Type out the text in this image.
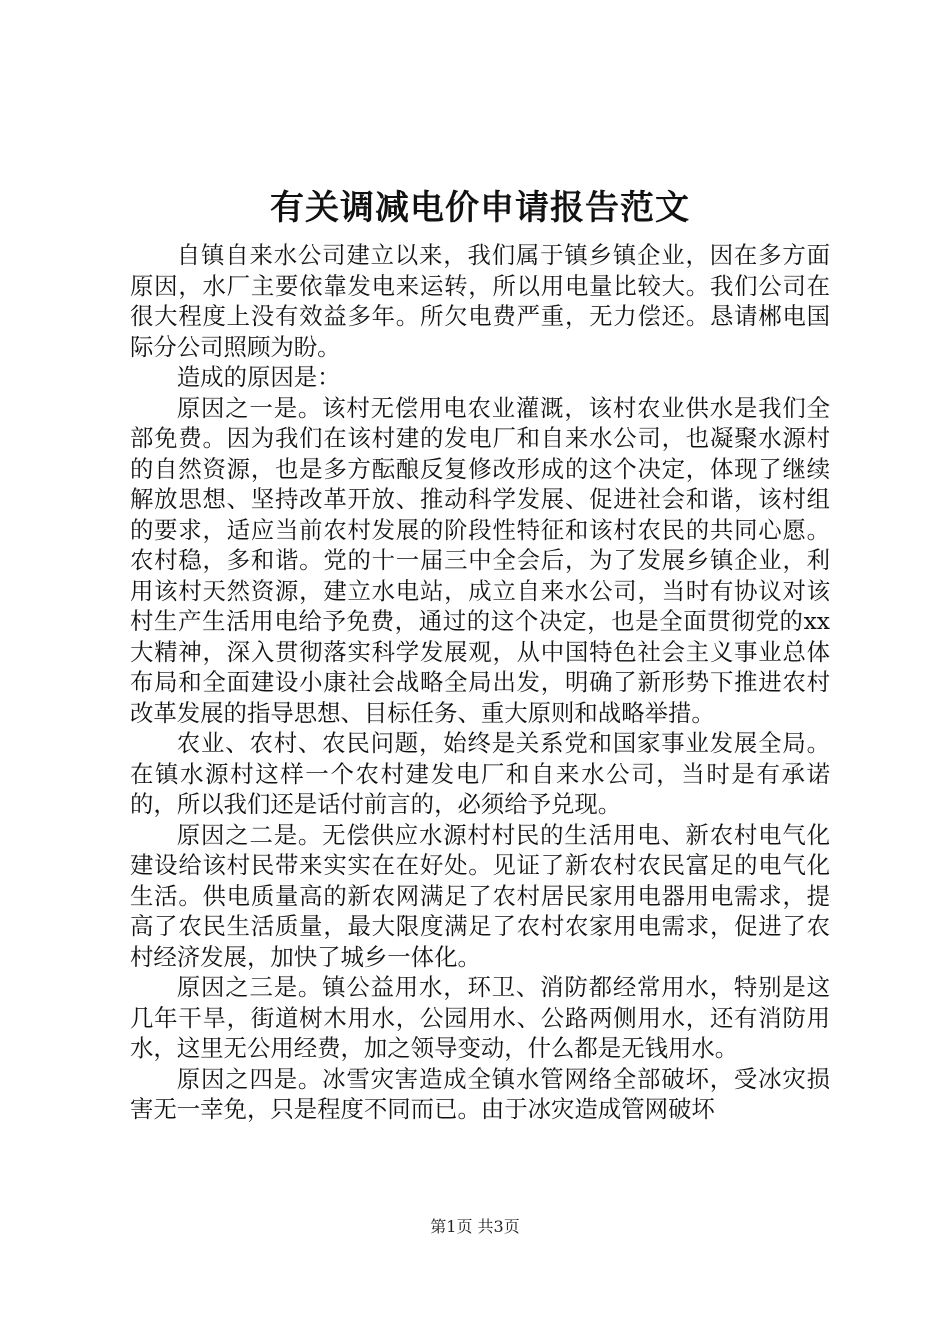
有关调减电价申请报告范文

自镇自来水公司建立以来，我们属于镇乡镇企业，因在多方面原因，水厂主要依靠发电来运转，所以用电量比较大。我们公司在很大程度上没有效益多年。所欠电费严重，无力偿还。恳请郴电国际分公司照顾为盼。

造成的原因是：

原因之一是。该村无偿用电农业灌溉，该村农业供水是我们全部免费。因为我们在该村建的发电厂和自来水公司，也凝聚水源村的自然资源，也是多方酝酿反复修改形成的这个决定，体现了继续解放思想、坚持改革开放、推动科学发展、促进社会和谐，该村组的要求，适应当前农村发展的阶段性特征和该村农民的共同心愿。农村稳，多和谐。党的十一届三中全会后，为了发展乡镇企业，利用该村天然资源，建立水电站，成立自来水公司，当时有协议对该村生产生活用电给予免费，通过的这个决定，也是全面贯彻党的xx大精神，深入贯彻落实科学发展观，从中国特色社会主义事业总体布局和全面建设小康社会战略全局出发，明确了新形势下推进农村改革发展的指导思想、目标任务、重大原则和战略举措。

农业、农村、农民问题，始终是关系党和国家事业发展全局。在镇水源村这样一个农村建发电厂和自来水公司，当时是有承诺的，所以我们还是话付前言的，必须给予兑现。

原因之二是。无偿供应水源村村民的生活用电、新农村电气化建设给该村民带来实实在在好处。见证了新农村农民富足的电气化生活。供电质量高的新农网满足了农村居民家用电器用电需求，提高了农民生活质量，最大限度满足了农村农家用电需求，促进了农村经济发展，加快了城乡一体化。

原因之三是。镇公益用水，环卫、消防都经常用水，特别是这几年干旱，街道树木用水，公园用水、公路两侧用水，还有消防用水，这里无公用经费，加之领导变动，什么都是无钱用水。

原因之四是。冰雪灾害造成全镇水管网络全部破坏，受冰灾损害无一幸免，只是程度不同而已。由于冰灾造成管网破坏

第1页 共3页
